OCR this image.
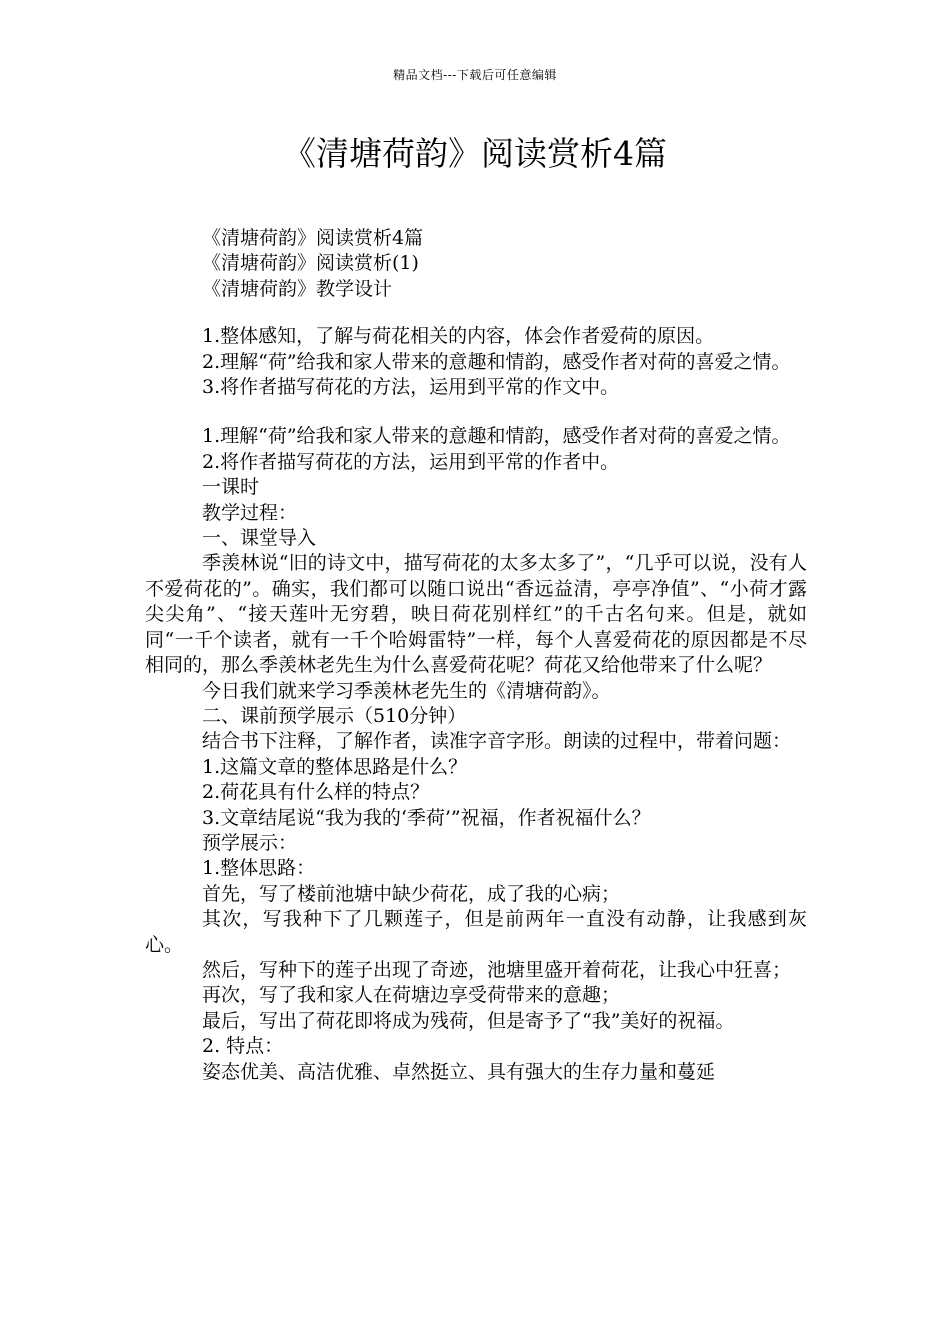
精品文档---下载后可任意编辑
《清塘荷韵》阅读赏析4篇

《清塘荷韵》阅读赏析4篇

《清塘荷韵》阅读赏析(1)

《清塘荷韵》教学设计

1.整体感知，了解与荷花相关的内容，体会作者爱荷的原因。

2.理解“荷”给我和家人带来的意趣和情韵，感受作者对荷的喜爱之情。

3.将作者描写荷花的方法，运用到平常的作文中。

1.理解“荷”给我和家人带来的意趣和情韵，感受作者对荷的喜爱之情。

2.将作者描写荷花的方法，运用到平常的作者中。

一课时

教学过程：

一、课堂导入

季羡林说“旧的诗文中，描写荷花的太多太多了”，“几乎可以说，没有人不爱荷花的”。确实，我们都可以随口说出“香远益清，亭亭净值”、“小荷才露尖尖角”、“接天莲叶无穷碧，映日荷花别样红”的千古名句来。但是，就如同“一千个读者，就有一千个哈姆雷特”一样，每个人喜爱荷花的原因都是不尽相同的，那么季羡林老先生为什么喜爱荷花呢？荷花又给他带来了什么呢？

今日我们就来学习季羡林老先生的《清塘荷韵》。

二、课前预学展示（510分钟）

结合书下注释，了解作者，读准字音字形。朗读的过程中，带着问题：

1.这篇文章的整体思路是什么？

2.荷花具有什么样的特点？

3.文章结尾说“我为我的‘季荷’”祝福，作者祝福什么？

预学展示：

1.整体思路：

首先，写了楼前池塘中缺少荷花，成了我的心病；

其次，写我种下了几颗莲子，但是前两年一直没有动静，让我感到灰心。

然后，写种下的莲子出现了奇迹，池塘里盛开着荷花，让我心中狂喜；

再次，写了我和家人在荷塘边享受荷带来的意趣；

最后，写出了荷花即将成为残荷，但是寄予了“我”美好的祝福。

2. 特点：

姿态优美、高洁优雅、卓然挺立、具有强大的生存力量和蔓延
